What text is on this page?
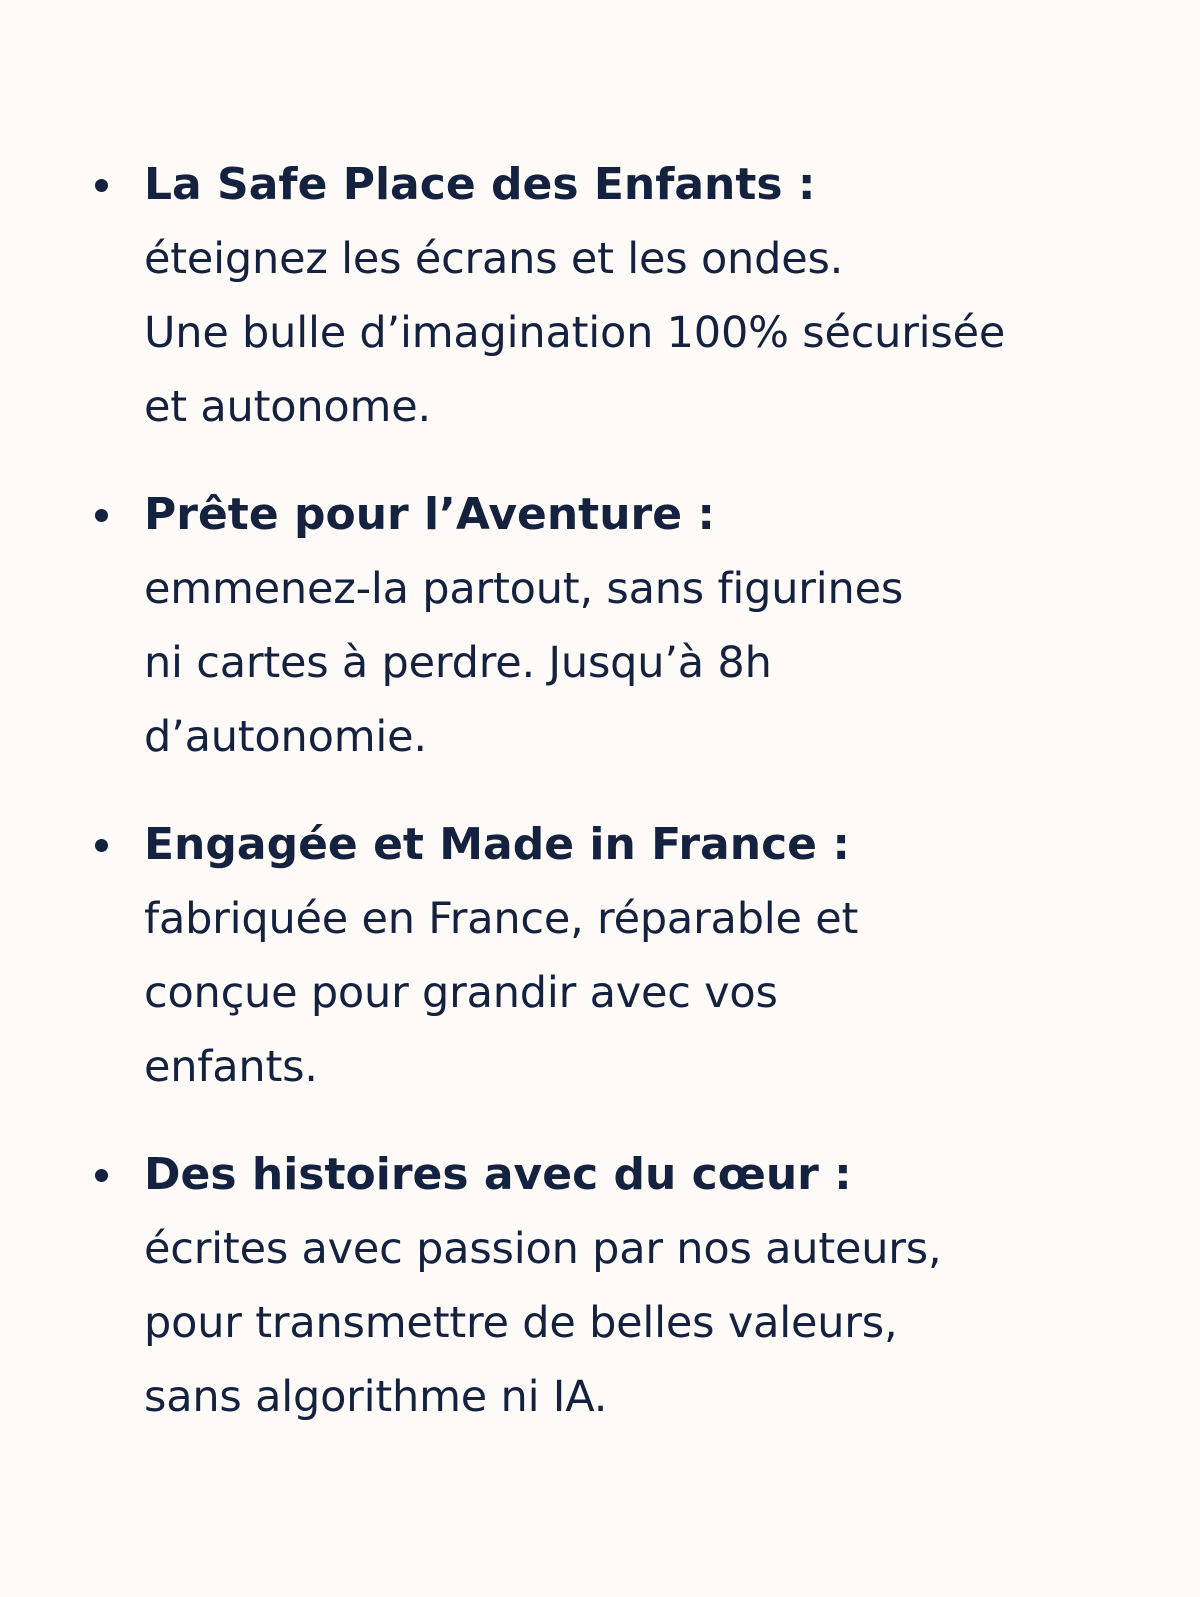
La Safe Place des Enfants :
éteignez les écrans et les ondes.
Une bulle d’imagination 100% sécurisée
et autonome.
Prête pour l’Aventure :
emmenez-la partout, sans figurines
ni cartes à perdre. Jusqu’à 8h
d’autonomie.
Engagée et Made in France :
fabriquée en France, réparable et
conçue pour grandir avec vos
enfants.
Des histoires avec du cœur :
écrites avec passion par nos auteurs,
pour transmettre de belles valeurs,
sans algorithme ni IA.
